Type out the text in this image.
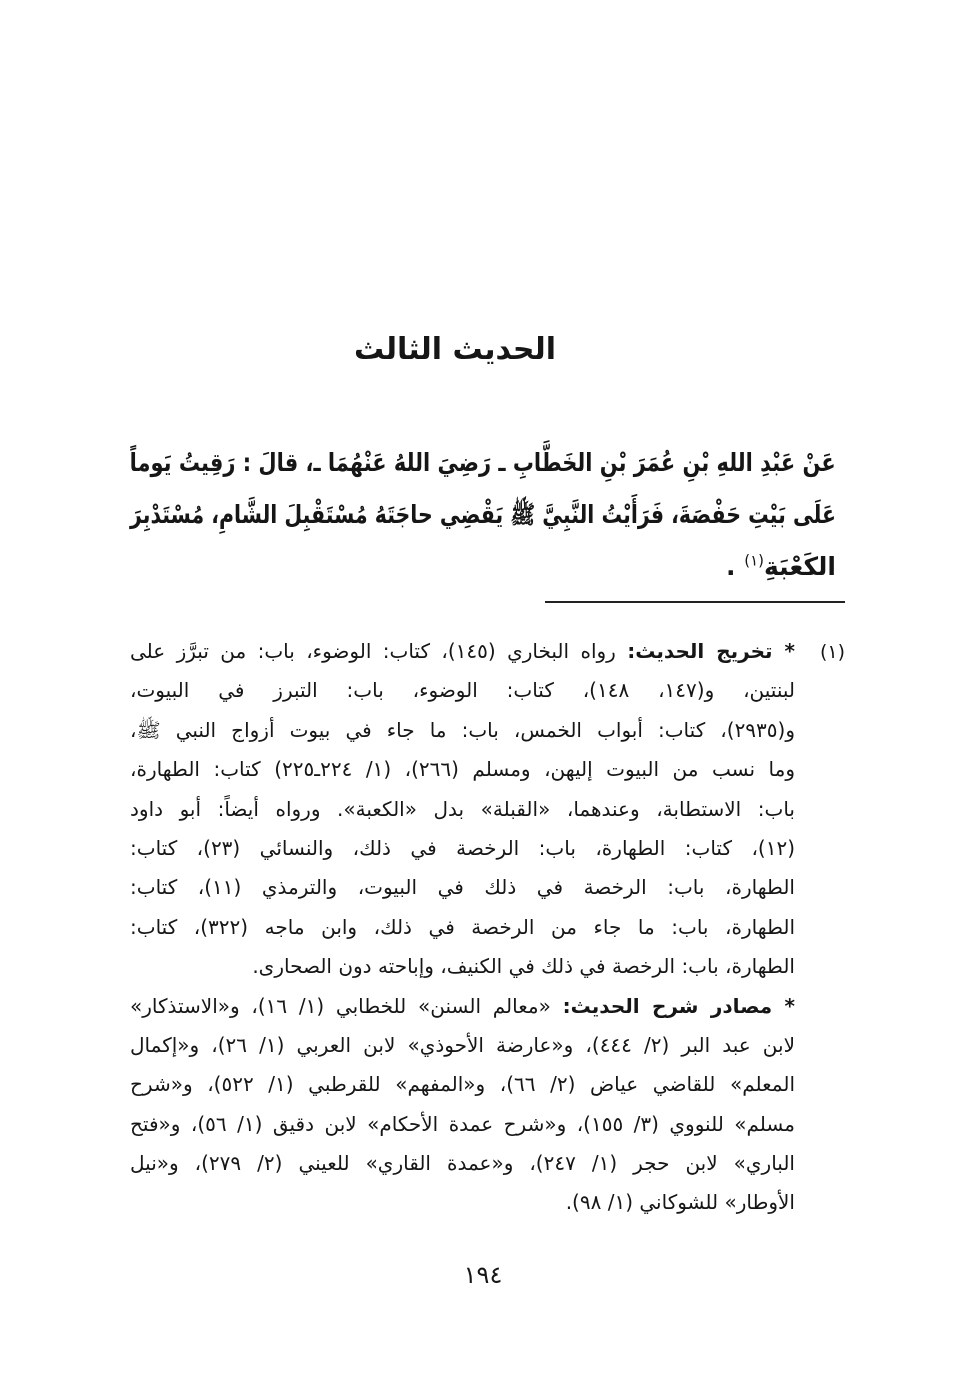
الحديث الثالث
عَنْ عَبْدِ اللهِ بْنِ عُمَرَ بْنِ الخَطَّابِ ـ رَضِيَ اللهُ عَنْهُمَا ـ، قالَ : رَقِيتُ يَوماً
عَلَى بَيْتِ حَفْصَةَ، فَرَأَيْتُ النَّبِيَّ ﷺ يَقْضِي حاجَتَهُ مُسْتَقْبِلَ الشَّامِ، مُسْتَدْبِرَ
الكَعْبَةِ$^{(١)}$ .
(١)
* تخريج الحديث: رواه البخاري (١٤٥)، كتاب: الوضوء، باب: من تبرَّز على
لبنتين، و(١٤٧، ١٤٨)، كتاب: الوضوء، باب: التبرز في البيوت،
و(٢٩٣٥)، كتاب: أبواب الخمس، باب: ما جاء في بيوت أزواج النبي ﷺ،
وما نسب من البيوت إليهن، ومسلم (٢٦٦)، (١/ ٢٢٤ـ٢٢٥) كتاب: الطهارة،
باب: الاستطابة، وعندهما، «القبلة» بدل «الكعبة». ورواه أيضاً: أبو داود
(١٢)، كتاب: الطهارة، باب: الرخصة في ذلك، والنسائي (٢٣)، كتاب:
الطهارة، باب: الرخصة في ذلك في البيوت، والترمذي (١١)، كتاب:
الطهارة، باب: ما جاء من الرخصة في ذلك، وابن ماجه (٣٢٢)، كتاب:
الطهارة، باب: الرخصة في ذلك في الكنيف، وإباحته دون الصحارى.
* مصادر شرح الحديث: «معالم السنن» للخطابي (١/ ١٦)، و«الاستذكار»
لابن عبد البر (٢/ ٤٤٤)، و«عارضة الأحوذي» لابن العربي (١/ ٢٦)، و«إكمال
المعلم» للقاضي عياض (٢/ ٦٦)، و«المفهم» للقرطبي (١/ ٥٢٢)، و«شرح
مسلم» للنووي (٣/ ١٥٥)، و«شرح عمدة الأحكام» لابن دقيق (١/ ٥٦)، و«فتح
الباري» لابن حجر (١/ ٢٤٧)، و«عمدة القاري» للعيني (٢/ ٢٧٩)، و«نيل
الأوطار» للشوكاني (١/ ٩٨).
١٩٤
